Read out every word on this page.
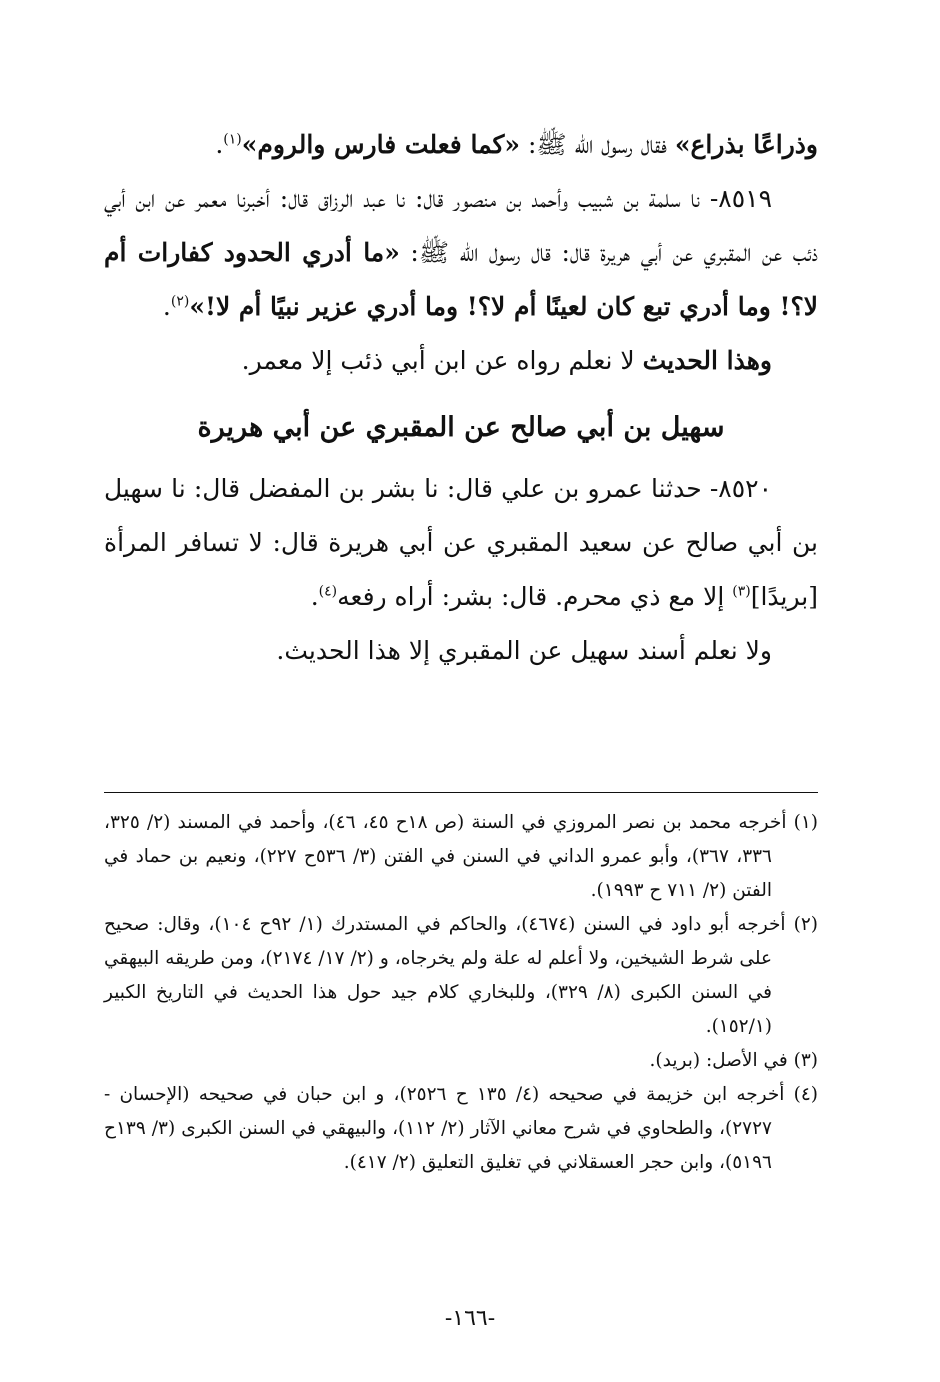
وذراعًا بذراع» فقال رسول الله ﷺ: «كما فعلت فارس والروم»$^{(١)}$.

٨٥١٩- نا سلمة بن شبيب وأحمد بن منصور قال: نا عبد الرزاق قال: أخبرنا معمر عن ابن أبي ذئب عن المقبري عن أبي هريرة قال: قال رسول الله ﷺ: «ما أدري الحدود كفارات أم لا؟! وما أدري تبع كان لعينًا أم لا؟! وما أدري عزير نبيًا أم لا!»$^{(٢)}$.

وهذا الحديث لا نعلم رواه عن ابن أبي ذئب إلا معمر.

سهيل بن أبي صالح عن المقبري عن أبي هريرة

٨٥٢٠- حدثنا عمرو بن علي قال: نا بشر بن المفضل قال: نا سهيل بن أبي صالح عن سعيد المقبري عن أبي هريرة قال: لا تسافر المرأة [بريدًا]$^{(٣)}$ إلا مع ذي محرم. قال: بشر: أراه رفعه$^{(٤)}$.

ولا نعلم أسند سهيل عن المقبري إلا هذا الحديث.

(١) أخرجه محمد بن نصر المروزي في السنة (ص ١٨ح ٤٥، ٤٦)، وأحمد في المسند (٢/ ٣٢٥، ٣٣٦، ٣٦٧)، وأبو عمرو الداني في السنن في الفتن (٣/ ٥٣٦ح ٢٢٧)، ونعيم بن حماد في الفتن (٢/ ٧١١ ح ١٩٩٣).

(٢) أخرجه أبو داود في السنن (٤٦٧٤)، والحاكم في المستدرك (١/ ٩٢ح ١٠٤)، وقال: صحيح على شرط الشيخين، ولا أعلم له علة ولم يخرجاه، و (٢/ ١٧/ ٢١٧٤)، ومن طريقه البيهقي في السنن الكبرى (٨/ ٣٢٩)، وللبخاري كلام جيد حول هذا الحديث في التاريخ الكبير (١٥٢/١).

(٣) في الأصل: (بريد).

(٤) أخرجه ابن خزيمة في صحيحه (٤/ ١٣٥ ح ٢٥٢٦)، و ابن حبان في صحيحه (الإحسان - ٢٧٢٧)، والطحاوي في شرح معاني الآثار (٢/ ١١٢)، والبيهقي في السنن الكبرى (٣/ ١٣٩ح ٥١٩٦)، وابن حجر العسقلاني في تغليق التعليق (٢/ ٤١٧).

-١٦٦-
